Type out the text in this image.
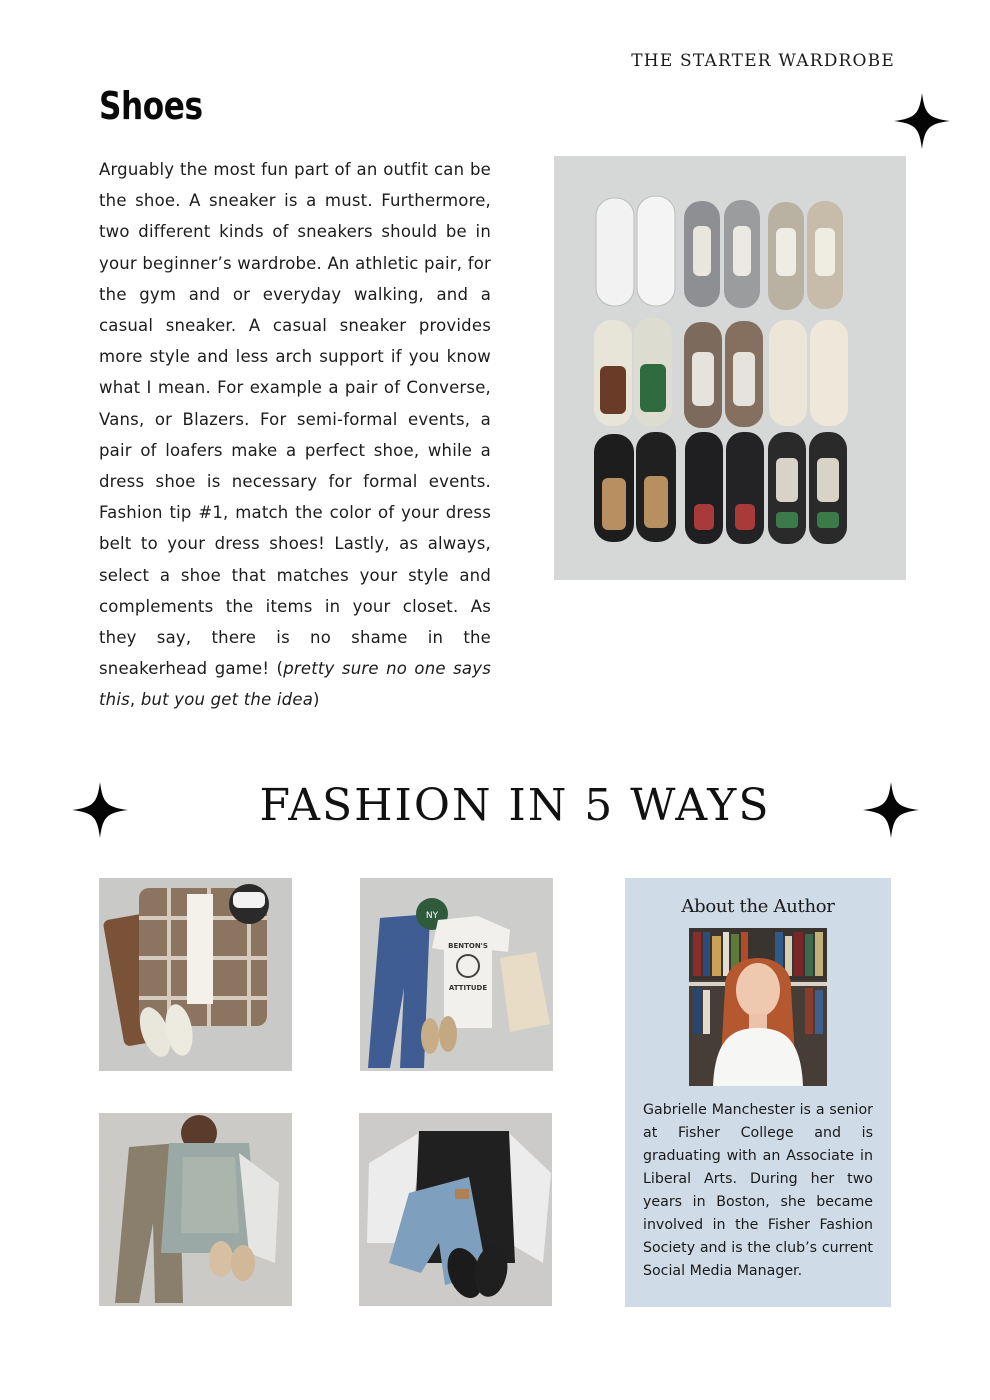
THE STARTER WARDROBE
Shoes

Arguably the most fun part of an outfit can be the shoe. A sneaker is a must. Furthermore, two different kinds of sneakers should be in your beginner’s wardrobe. An athletic pair, for the gym and or everyday walking, and a casual sneaker. A casual sneaker provides more style and less arch support if you know what I mean. For example a pair of Converse, Vans, or Blazers. For semi-formal events, a pair of loafers make a perfect shoe, while a dress shoe is necessary for formal events. Fashion tip #1, match the color of your dress belt to your dress shoes! Lastly, as always, select a shoe that matches your style and complements the items in your closet. As they say, there is no shame in the sneakerhead game! (pretty sure no one says this, but you get the idea)

FASHION IN 5 WAYS
NY
BENTON'S
ATTITUDE
About the Author

Gabrielle Manchester is a senior at Fisher College and is graduating with an Associate in Liberal Arts. During her two years in Boston, she became involved in the Fisher Fashion Society and is the club’s current Social Media Manager.
